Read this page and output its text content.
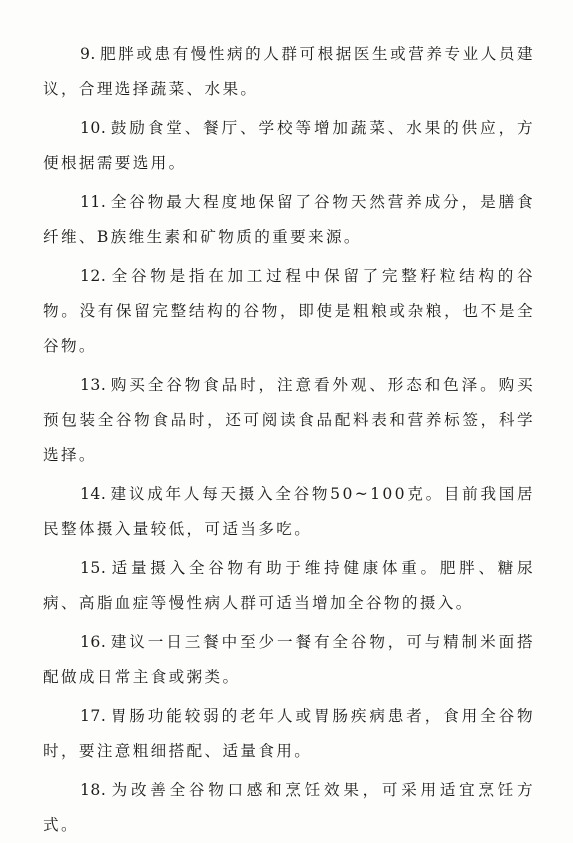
9 . 肥胖或患有慢性病的人群可根据医生或营养专业人员建议，合理选择蔬菜、水果。

10 . 鼓励食堂、餐厅、学校等增加蔬菜、水果的供应，方便根据需要选用。

11 . 全谷物最大程度地保留了谷物天然营养成分，是膳食纤维、B族维生素和矿物质的重要来源。

12 . 全谷物是指在加工过程中保留了完整籽粒结构的谷物。没有保留完整结构的谷物，即使是粗粮或杂粮，也不是全谷物。

13 . 购买全谷物食品时，注意看外观、形态和色泽。购买预包装全谷物食品时，还可阅读食品配料表和营养标签，科学选择。

14 . 建议成年人每天摄入全谷物50~100克。目前我国居民整体摄入量较低，可适当多吃。

15 . 适量摄入全谷物有助于维持健康体重。肥胖、糖尿病、高脂血症等慢性病人群可适当增加全谷物的摄入。

16 . 建议一日三餐中至少一餐有全谷物，可与精制米面搭配做成日常主食或粥类。

17 . 胃肠功能较弱的老年人或胃肠疾病患者，食用全谷物时，要注意粗细搭配、适量食用。

18 . 为改善全谷物口感和烹饪效果，可采用适宜烹饪方式。
